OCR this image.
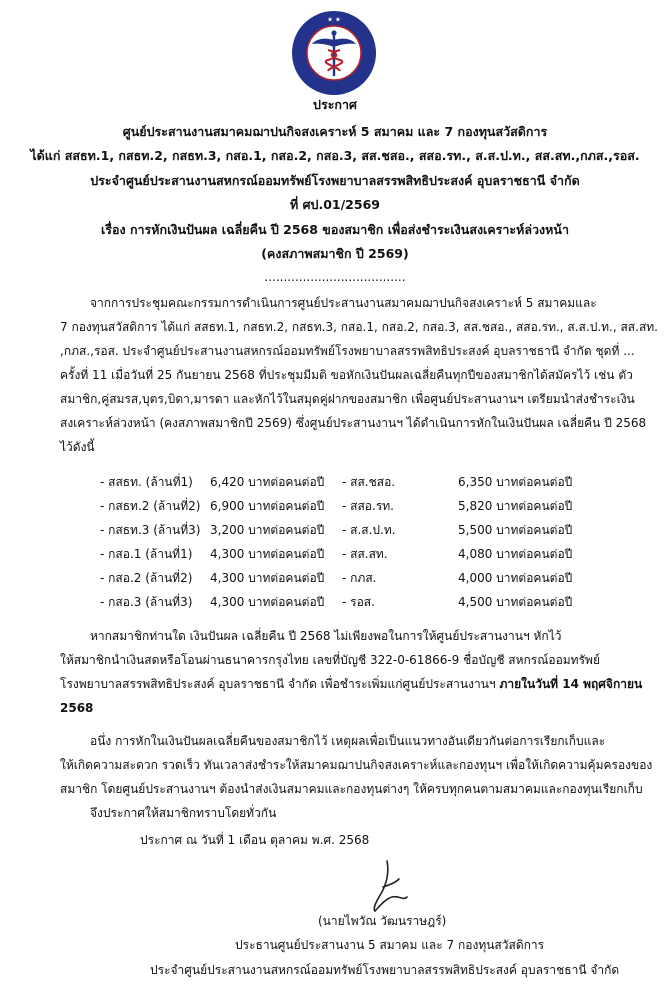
★ ★
ประกาศ
ศูนย์ประสานงานสมาคมฌาปนกิจสงเคราะห์ 5 สมาคม และ 7 กองทุนสวัสดิการ
ได้แก่ สสธท.1, กสธท.2, กสธท.3, กสอ.1, กสอ.2, กสอ.3, สส.ชสอ., สสอ.รท., ส.ส.ป.ท., สส.สท.,กภส.,รอส.
ประจำศูนย์ประสานงานสหกรณ์ออมทรัพย์โรงพยาบาลสรรพสิทธิประสงค์ อุบลราชธานี จำกัด
ที่ ศป.01/2569
เรื่อง การหักเงินปันผล เฉลี่ยคืน ปี 2568 ของสมาชิก เพื่อส่งชำระเงินสงเคราะห์ล่วงหน้า
(คงสภาพสมาชิก ปี 2569)
.....................................
จากการประชุมคณะกรรมการดำเนินการศูนย์ประสานงานสมาคมฌาปนกิจสงเคราะห์ 5 สมาคมและ
7 กองทุนสวัสดิการ ได้แก่ สสธท.1, กสธท.2, กสธท.3, กสอ.1, กสอ.2, กสอ.3, สส.ชสอ., สสอ.รท., ส.ส.ป.ท., สส.สท.
,กภส.,รอส. ประจำศูนย์ประสานงานสหกรณ์ออมทรัพย์โรงพยาบาลสรรพสิทธิประสงค์ อุบลราชธานี จำกัด ชุดที่ ...
ครั้งที่ 11 เมื่อวันที่ 25 กันยายน 2568 ที่ประชุมมีมติ ขอหักเงินปันผลเฉลี่ยคืนทุกปีของสมาชิกได้สมัครไว้ เช่น ตัว
สมาชิก,คู่สมรส,บุตร,บิดา,มารดา และหักไว้ในสมุดคู่ฝากของสมาชิก เพื่อศูนย์ประสานงานฯ เตรียมนำส่งชำระเงิน
สงเคราะห์ล่วงหน้า (คงสภาพสมาชิกปี 2569) ซึ่งศูนย์ประสานงานฯ ได้ดำเนินการหักในเงินปันผล เฉลี่ยคืน ปี 2568
ไว้ดังนี้
- สสธท. (ล้านที่1) 6,420 บาทต่อคนต่อปี - สส.ชสอ.	6,350 บาทต่อคนต่อปี
- กสธท.2 (ล้านที่2) 6,900 บาทต่อคนต่อปี - สสอ.รท.	5,820 บาทต่อคนต่อปี
- กสธท.3 (ล้านที่3) 3,200 บาทต่อคนต่อปี - ส.ส.ป.ท.	5,500 บาทต่อคนต่อปี
- กสอ.1 (ล้านที่1) 4,300 บาทต่อคนต่อปี - สส.สท.	4,080 บาทต่อคนต่อปี
- กสอ.2 (ล้านที่2) 4,300 บาทต่อคนต่อปี - กภส.	4,000 บาทต่อคนต่อปี
- กสอ.3 (ล้านที่3) 4,300 บาทต่อคนต่อปี - รอส.	4,500 บาทต่อคนต่อปี
หากสมาชิกท่านใด เงินปันผล เฉลี่ยคืน ปี 2568 ไม่เพียงพอในการให้ศูนย์ประสานงานฯ หักไว้
ให้สมาชิกนำเงินสดหรือโอนผ่านธนาคารกรุงไทย เลขที่บัญชี 322-0-61866-9 ชื่อบัญชี สหกรณ์ออมทรัพย์
โรงพยาบาลสรรพสิทธิประสงค์ อุบลราชธานี จำกัด เพื่อชำระเพิ่มแก่ศูนย์ประสานงานฯ ภายในวันที่ 14 พฤศจิกายน
2568
อนึ่ง การหักในเงินปันผลเฉลี่ยคืนของสมาชิกไว้ เหตุผลเพื่อเป็นแนวทางอันเดียวกันต่อการเรียกเก็บและ
ให้เกิดความสะดวก รวดเร็ว ทันเวลาส่งชำระให้สมาคมฌาปนกิจสงเคราะห์และกองทุนฯ เพื่อให้เกิดความคุ้มครองของ
สมาชิก โดยศูนย์ประสานงานฯ ต้องนำส่งเงินสมาคมและกองทุนต่างๆ ให้ครบทุกคนตามสมาคมและกองทุนเรียกเก็บ
จึงประกาศให้สมาชิกทราบโดยทั่วกัน
ประกาศ ณ วันที่ 1 เดือน ตุลาคม พ.ศ. 2568
(นายไพวัณ วัฒนราษฎร์)
ประธานศูนย์ประสานงาน 5 สมาคม และ 7 กองทุนสวัสดิการ
ประจำศูนย์ประสานงานสหกรณ์ออมทรัพย์โรงพยาบาลสรรพสิทธิประสงค์ อุบลราชธานี จำกัด
